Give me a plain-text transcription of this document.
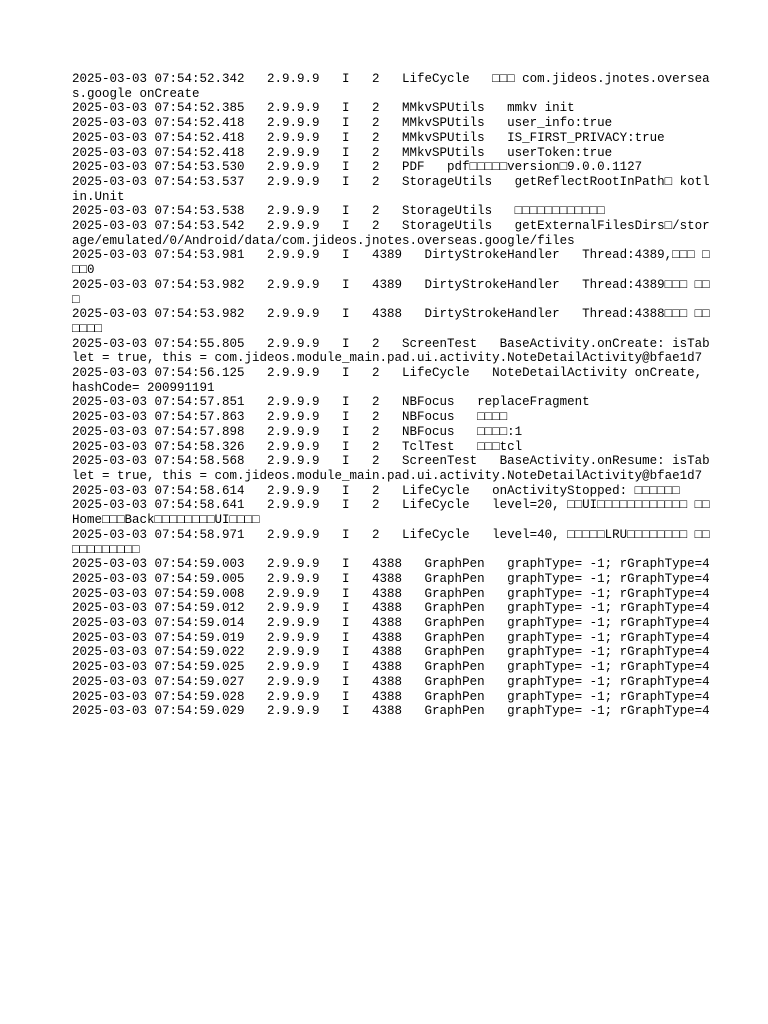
2025-03-03 07:54:52.342   2.9.9.9   I   2   LifeCycle   □□□ com.jideos.jnotes.overseas.google onCreate
2025-03-03 07:54:52.385   2.9.9.9   I   2   MMkvSPUtils   mmkv init
2025-03-03 07:54:52.418   2.9.9.9   I   2   MMkvSPUtils   user_info:true
2025-03-03 07:54:52.418   2.9.9.9   I   2   MMkvSPUtils   IS_FIRST_PRIVACY:true
2025-03-03 07:54:52.418   2.9.9.9   I   2   MMkvSPUtils   userToken:true
2025-03-03 07:54:53.530   2.9.9.9   I   2   PDF   pdf□□□□□version□9.0.0.1127
2025-03-03 07:54:53.537   2.9.9.9   I   2   StorageUtils   getReflectRootInPath□ kotlin.Unit
2025-03-03 07:54:53.538   2.9.9.9   I   2   StorageUtils   □□□□□□□□□□□□
2025-03-03 07:54:53.542   2.9.9.9   I   2   StorageUtils   getExternalFilesDirs□/storage/emulated/0/Android/data/com.jideos.jnotes.overseas.google/files
2025-03-03 07:54:53.981   2.9.9.9   I   4389   DirtyStrokeHandler   Thread:4389,□□□ □□□0
2025-03-03 07:54:53.982   2.9.9.9   I   4389   DirtyStrokeHandler   Thread:4389□□□ □□□
2025-03-03 07:54:53.982   2.9.9.9   I   4388   DirtyStrokeHandler   Thread:4388□□□ □□□□□□
2025-03-03 07:54:55.805   2.9.9.9   I   2   ScreenTest   BaseActivity.onCreate: isTablet = true, this = com.jideos.module_main.pad.ui.activity.NoteDetailActivity@bfae1d7
2025-03-03 07:54:56.125   2.9.9.9   I   2   LifeCycle   NoteDetailActivity onCreate, hashCode= 200991191
2025-03-03 07:54:57.851   2.9.9.9   I   2   NBFocus   replaceFragment
2025-03-03 07:54:57.863   2.9.9.9   I   2   NBFocus   □□□□
2025-03-03 07:54:57.898   2.9.9.9   I   2   NBFocus   □□□□:1
2025-03-03 07:54:58.326   2.9.9.9   I   2   TclTest   □□□tcl
2025-03-03 07:54:58.568   2.9.9.9   I   2   ScreenTest   BaseActivity.onResume: isTablet = true, this = com.jideos.module_main.pad.ui.activity.NoteDetailActivity@bfae1d7
2025-03-03 07:54:58.614   2.9.9.9   I   2   LifeCycle   onActivityStopped: □□□□□□
2025-03-03 07:54:58.641   2.9.9.9   I   2   LifeCycle   level=20, □□UI□□□□□□□□□□□□ □□Home□□□Back□□□□□□□□UI□□□□
2025-03-03 07:54:58.971   2.9.9.9   I   2   LifeCycle   level=40, □□□□□LRU□□□□□□□□ □□□□□□□□□□□
2025-03-03 07:54:59.003   2.9.9.9   I   4388   GraphPen   graphType= -1; rGraphType=4
2025-03-03 07:54:59.005   2.9.9.9   I   4388   GraphPen   graphType= -1; rGraphType=4
2025-03-03 07:54:59.008   2.9.9.9   I   4388   GraphPen   graphType= -1; rGraphType=4
2025-03-03 07:54:59.012   2.9.9.9   I   4388   GraphPen   graphType= -1; rGraphType=4
2025-03-03 07:54:59.014   2.9.9.9   I   4388   GraphPen   graphType= -1; rGraphType=4
2025-03-03 07:54:59.019   2.9.9.9   I   4388   GraphPen   graphType= -1; rGraphType=4
2025-03-03 07:54:59.022   2.9.9.9   I   4388   GraphPen   graphType= -1; rGraphType=4
2025-03-03 07:54:59.025   2.9.9.9   I   4388   GraphPen   graphType= -1; rGraphType=4
2025-03-03 07:54:59.027   2.9.9.9   I   4388   GraphPen   graphType= -1; rGraphType=4
2025-03-03 07:54:59.028   2.9.9.9   I   4388   GraphPen   graphType= -1; rGraphType=4
2025-03-03 07:54:59.029   2.9.9.9   I   4388   GraphPen   graphType= -1; rGraphType=4
